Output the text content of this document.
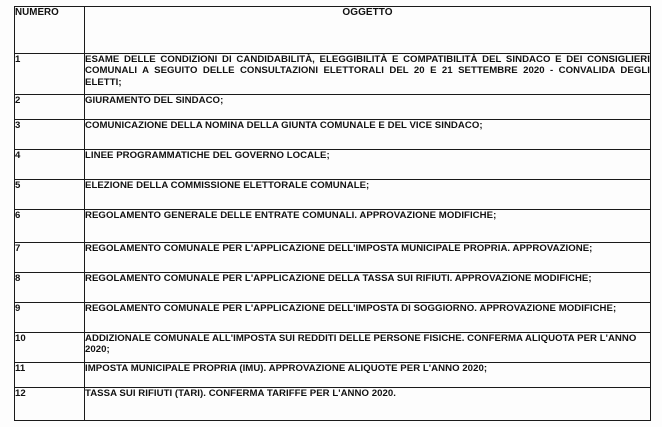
NUMERO	OGGETTO
1	ESAME DELLE CONDIZIONI DI CANDIDABILITÀ, ELEGGIBILITÀ E COMPATIBILITÀ DEL SINDACO E DEI CONSIGLIERI COMUNALI A SEGUITO DELLE CONSULTAZIONI ELETTORALI DEL 20 E 21 SETTEMBRE 2020 - CONVALIDA DEGLI ELETTI;
2	GIURAMENTO DEL SINDACO;
3	COMUNICAZIONE DELLA NOMINA DELLA GIUNTA COMUNALE E DEL VICE SINDACO;
4	LINEE PROGRAMMATICHE DEL GOVERNO LOCALE;
5	ELEZIONE DELLA COMMISSIONE ELETTORALE COMUNALE;
6	REGOLAMENTO GENERALE DELLE ENTRATE COMUNALI. APPROVAZIONE MODIFICHE;
7	REGOLAMENTO COMUNALE PER L'APPLICAZIONE DELL'IMPOSTA MUNICIPALE PROPRIA. APPROVAZIONE;
8	REGOLAMENTO COMUNALE PER L'APPLICAZIONE DELLA TASSA SUI RIFIUTI. APPROVAZIONE MODIFICHE;
9	REGOLAMENTO COMUNALE PER L'APPLICAZIONE DELL'IMPOSTA DI SOGGIORNO. APPROVAZIONE MODIFICHE;
10	ADDIZIONALE COMUNALE ALL'IMPOSTA SUI REDDITI DELLE PERSONE FISICHE. CONFERMA ALIQUOTA PER L'ANNO 2020;
11	IMPOSTA MUNICIPALE PROPRIA (IMU). APPROVAZIONE ALIQUOTE PER L'ANNO 2020;
12	TASSA SUI RIFIUTI (TARI). CONFERMA TARIFFE PER L'ANNO 2020.
